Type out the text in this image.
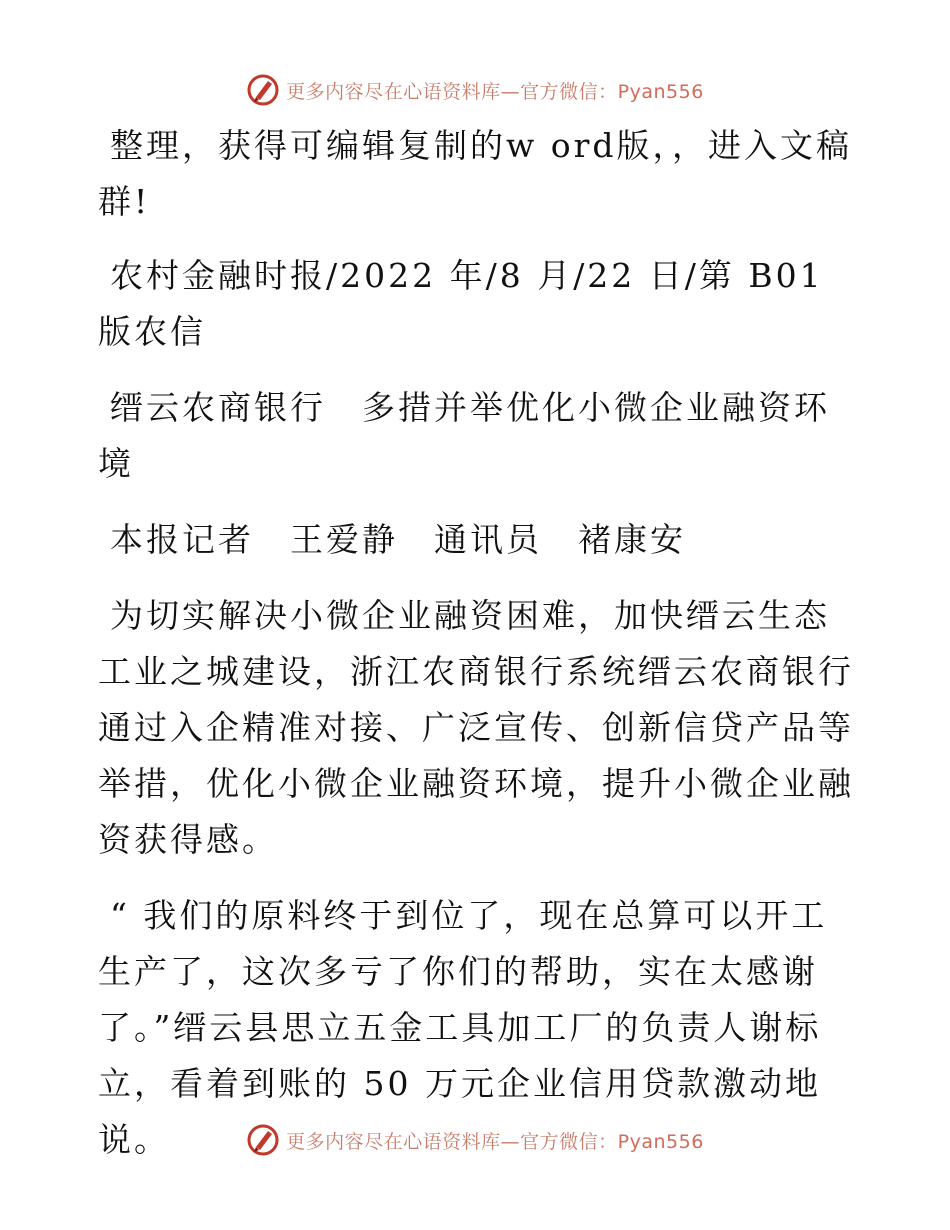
更多内容尽在心语资料库—官方微信：Pyan556

整理，获得可编辑复制的w ord版，，进入文稿群!

农村金融时报/2022 年/8 月/22 日/第 B01 版农信

缙云农商银行　多措并举优化小微企业融资环境

本报记者　王爱静　通讯员　褚康安

为切实解决小微企业融资困难，加快缙云生态工业之城建设，浙江农商银行系统缙云农商银行通过入企精准对接、广泛宣传、创新信贷产品等举措，优化小微企业融资环境，提升小微企业融资获得感。

“ 我们的原料终于到位了，现在总算可以开工生产了，这次多亏了你们的帮助，实在太感谢了。”缙云县思立五金工具加工厂的负责人谢标立，看着到账的 50 万元企业信用贷款激动地说。	更多内容尽在心语资料库—官方微信：Pyan556
